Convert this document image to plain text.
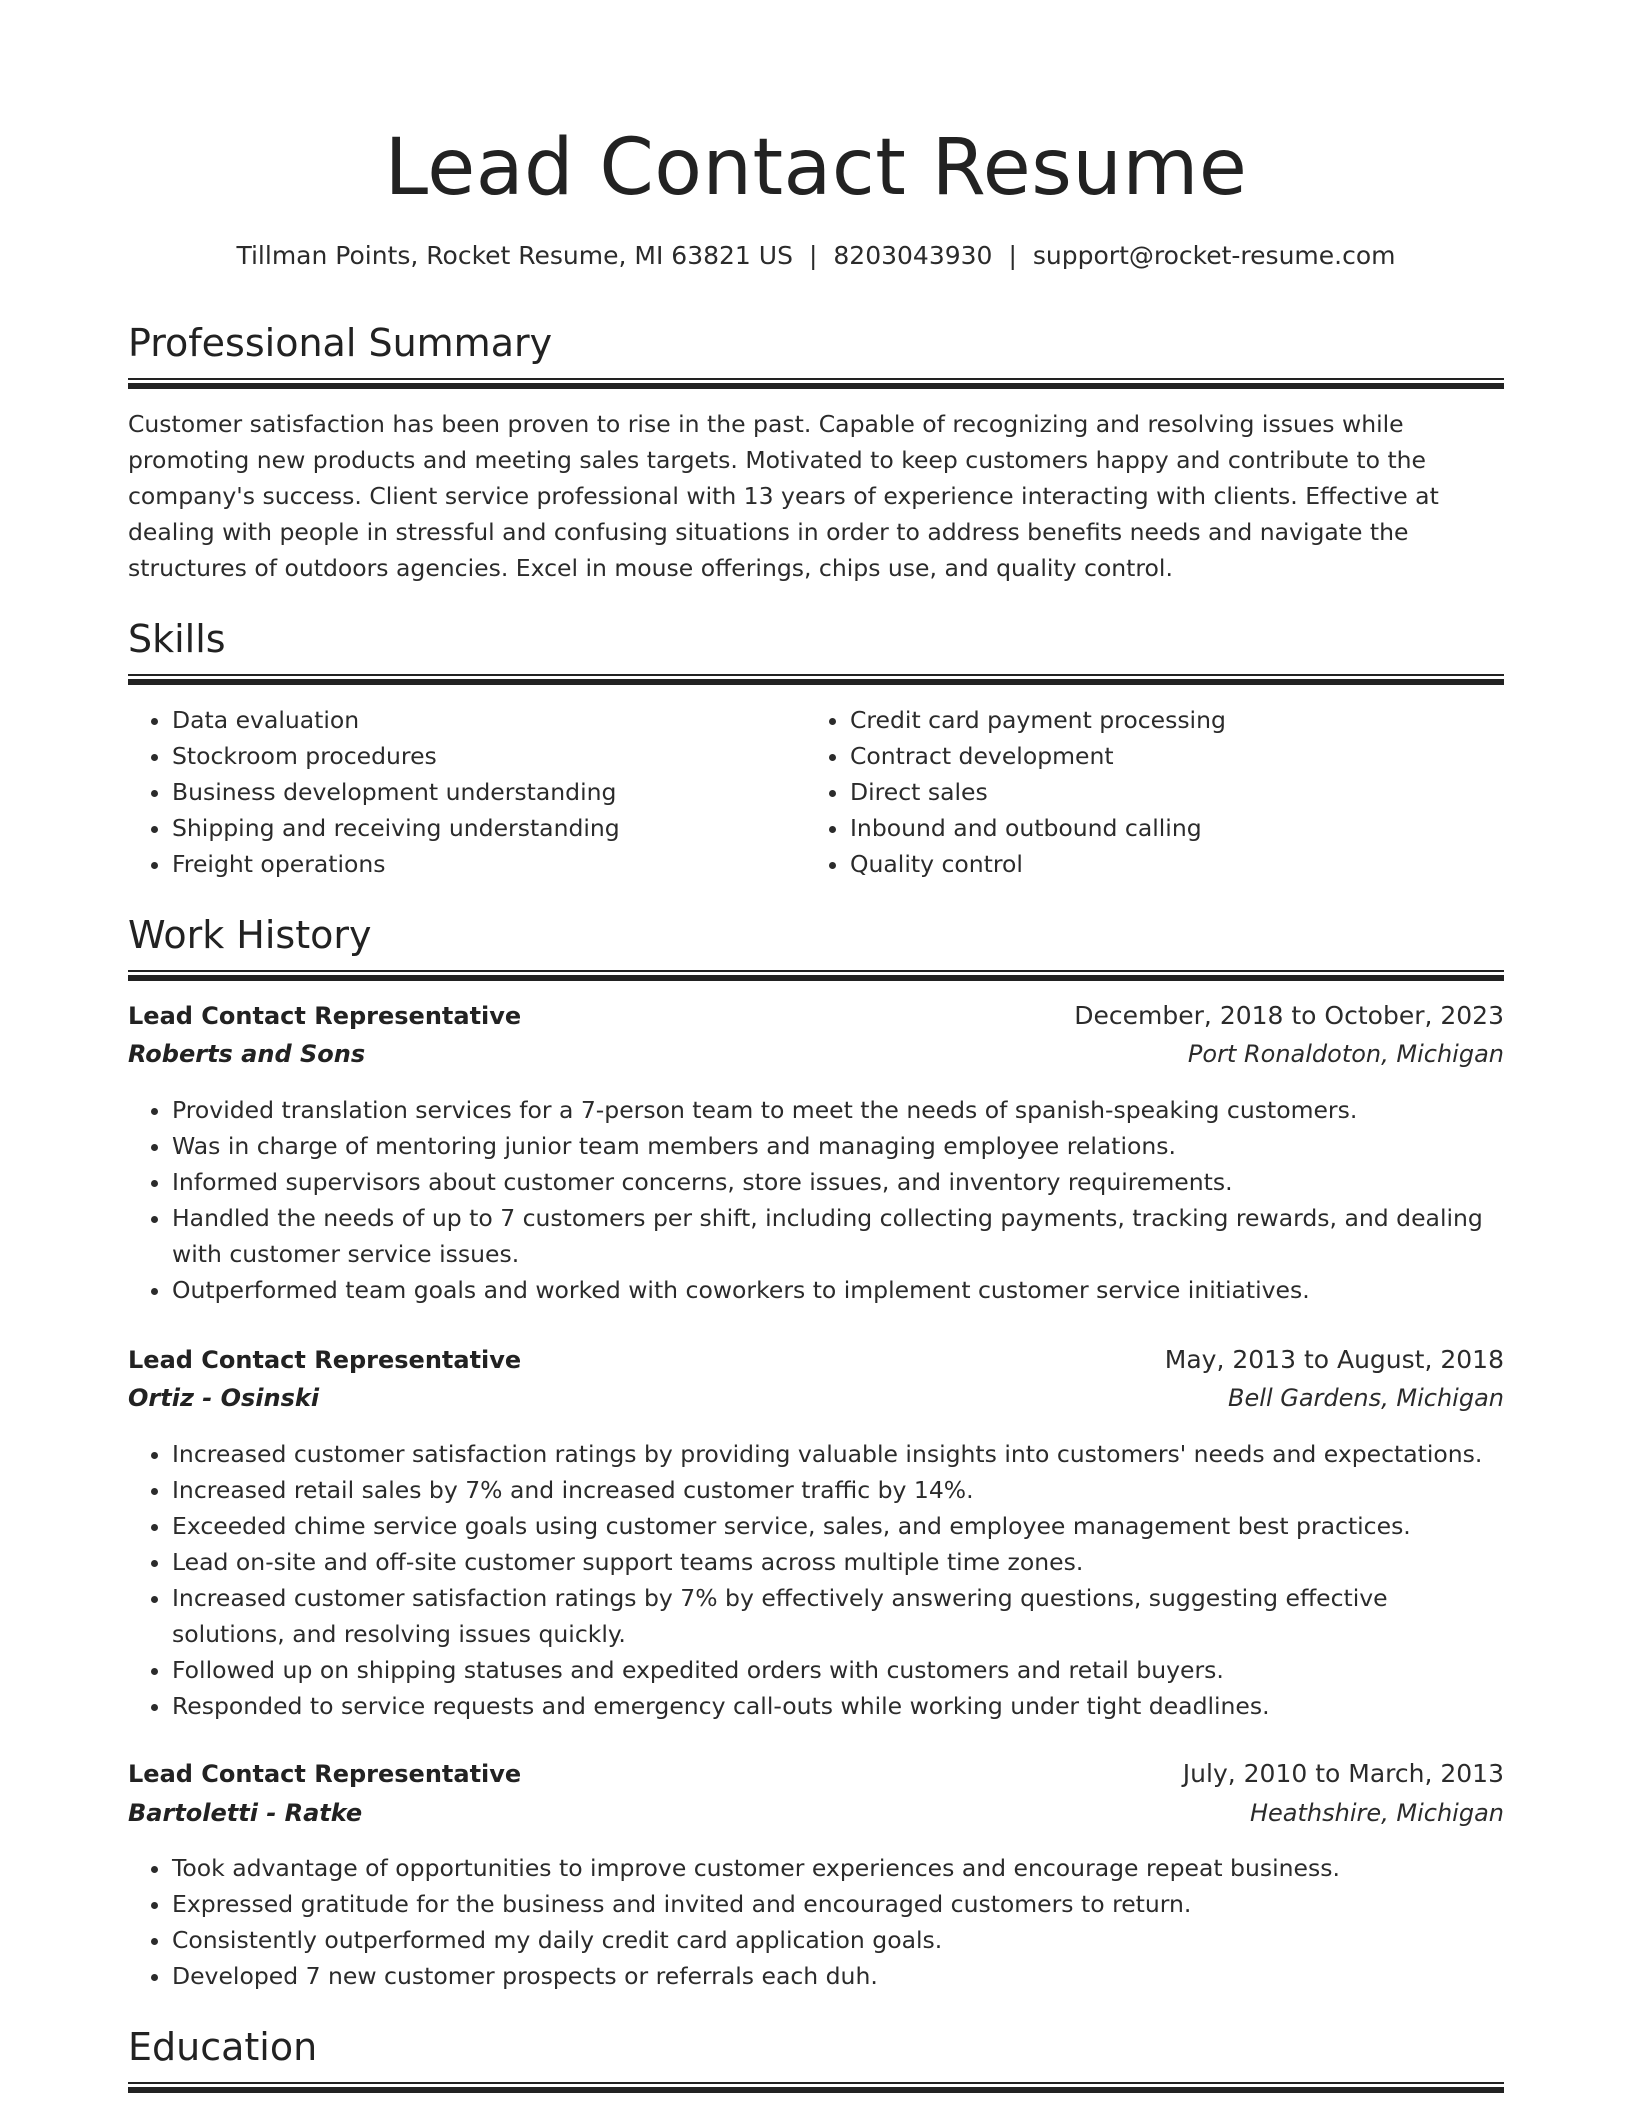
Lead Contact Resume
Tillman Points, Rocket Resume, MI 63821 US | 8203043930 | support@rocket-resume.com
Professional Summary
Customer satisfaction has been proven to rise in the past. Capable of recognizing and resolving issues while promoting new products and meeting sales targets. Motivated to keep customers happy and contribute to the company's success. Client service professional with 13 years of experience interacting with clients. Effective at dealing with people in stressful and confusing situations in order to address benefits needs and navigate the structures of outdoors agencies. Excel in mouse offerings, chips use, and quality control.
Skills
• Data evaluation
• Stockroom procedures
• Business development understanding
• Shipping and receiving understanding
• Freight operations
• Credit card payment processing
• Contract development
• Direct sales
• Inbound and outbound calling
• Quality control
Work History
Lead Contact Representative	December, 2018 to October, 2023
Roberts and Sons	Port Ronaldoton, Michigan
• Provided translation services for a 7-person team to meet the needs of spanish-speaking customers.
• Was in charge of mentoring junior team members and managing employee relations.
• Informed supervisors about customer concerns, store issues, and inventory requirements.
• Handled the needs of up to 7 customers per shift, including collecting payments, tracking rewards, and dealing with customer service issues.
• Outperformed team goals and worked with coworkers to implement customer service initiatives.
Lead Contact Representative	May, 2013 to August, 2018
Ortiz - Osinski	Bell Gardens, Michigan
• Increased customer satisfaction ratings by providing valuable insights into customers' needs and expectations.
• Increased retail sales by 7% and increased customer traffic by 14%.
• Exceeded chime service goals using customer service, sales, and employee management best practices.
• Lead on-site and off-site customer support teams across multiple time zones.
• Increased customer satisfaction ratings by 7% by effectively answering questions, suggesting effective solutions, and resolving issues quickly.
• Followed up on shipping statuses and expedited orders with customers and retail buyers.
• Responded to service requests and emergency call-outs while working under tight deadlines.
Lead Contact Representative	July, 2010 to March, 2013
Bartoletti - Ratke	Heathshire, Michigan
• Took advantage of opportunities to improve customer experiences and encourage repeat business.
• Expressed gratitude for the business and invited and encouraged customers to return.
• Consistently outperformed my daily credit card application goals.
• Developed 7 new customer prospects or referrals each duh.
Education
